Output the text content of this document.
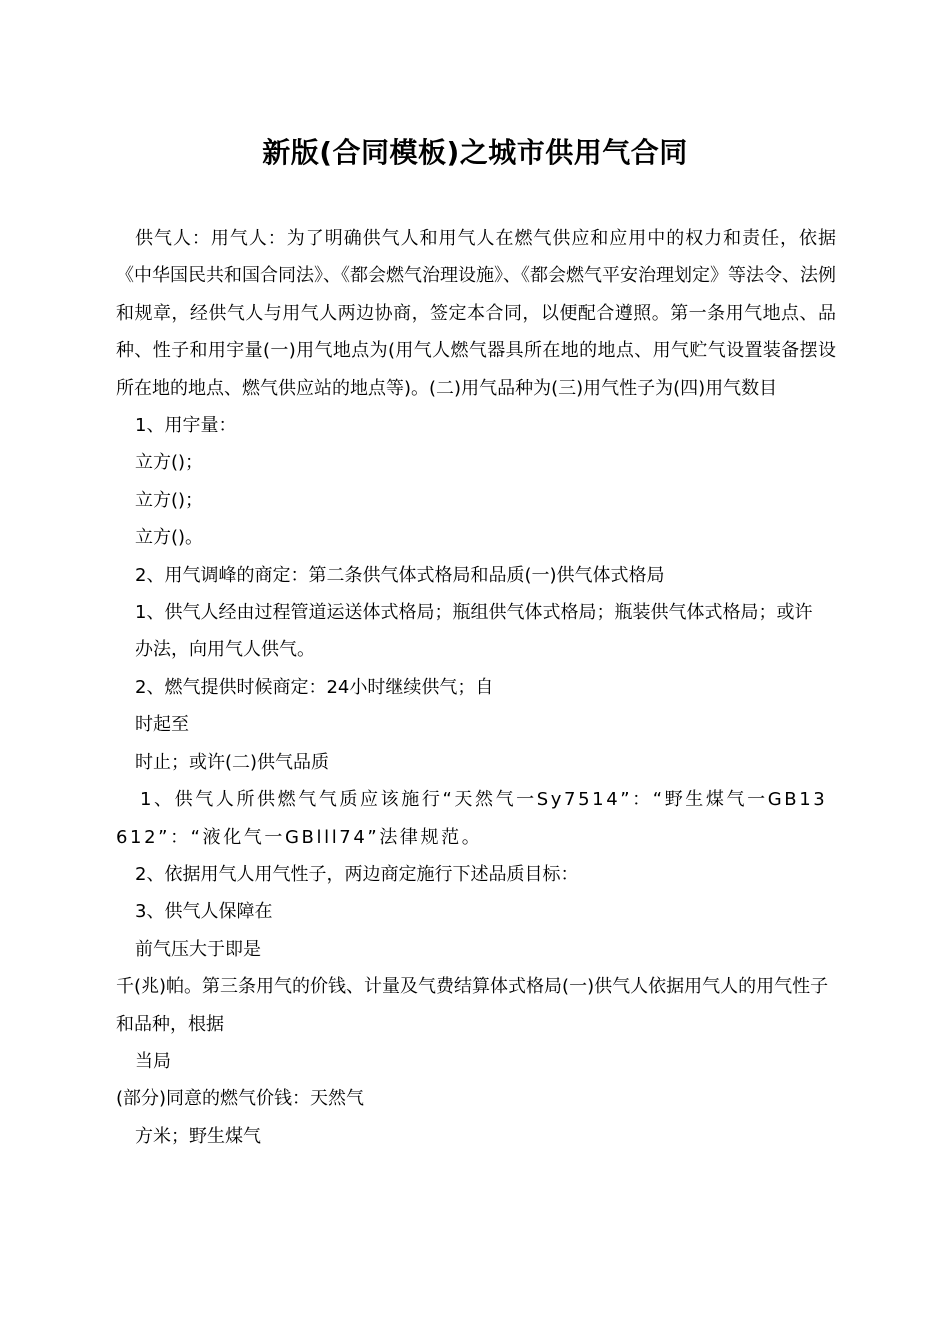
新版(合同模板)之城市供用气合同

供气人：用气人：为了明确供气人和用气人在燃气供应和应用中的权力和责任，依据《中华国民共和国合同法》、《都会燃气治理设施》、《都会燃气平安治理划定》等法令、法例和规章，经供气人与用气人两边协商，签定本合同，以便配合遵照。第一条用气地点、品种、性子和用宇量(一)用气地点为(用气人燃气器具所在地的地点、用气贮气设置装备摆设所在地的地点、燃气供应站的地点等)。(二)用气品种为(三)用气性子为(四)用气数目

1、用宇量：

立方()；

立方()；

立方()。

2、用气调峰的商定：第二条供气体式格局和品质(一)供气体式格局

1、供气人经由过程管道运送体式格局；瓶组供气体式格局；瓶装供气体式格局；或许

办法，向用气人供气。

2、燃气提供时候商定：24小时继续供气；自

时起至

时止；或许(二)供气品质

1、供气人所供燃气气质应该施行“天然气一Sy7514”：“野生煤气一GB13612”：“液化气一GBlll74”法律规范。

2、依据用气人用气性子，两边商定施行下述品质目标：

3、供气人保障在

前气压大于即是

千(兆)帕。第三条用气的价钱、计量及气费结算体式格局(一)供气人依据用气人的用气性子和品种，根据

当局

(部分)同意的燃气价钱：天然气

方米；野生煤气
